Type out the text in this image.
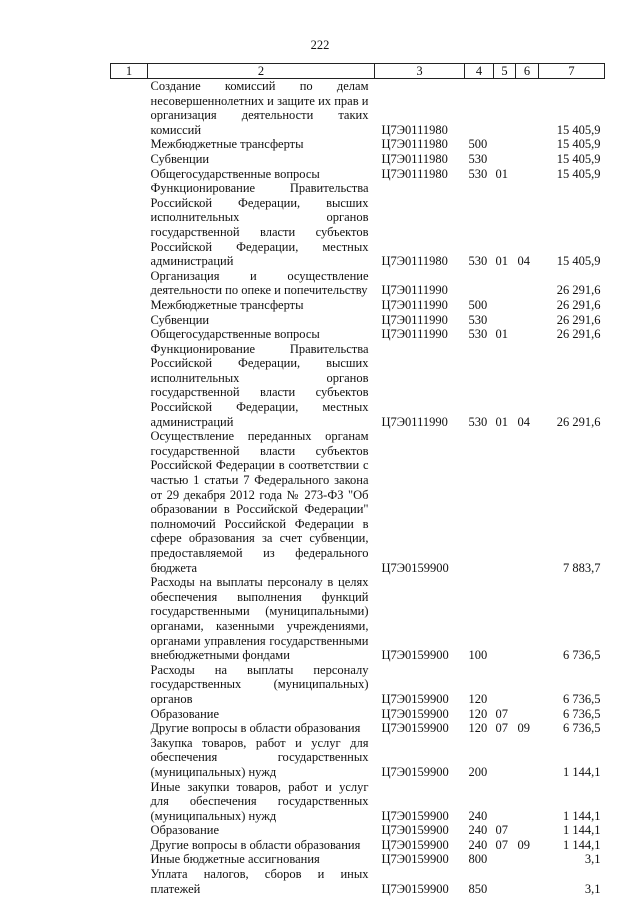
222
1	2	3	4	5	6	7
	Создание комиссий по делам несовершеннолетних и защите их прав и организация деятельности таких комиссий	Ц7Э0111980				15 405,9
	Межбюджетные трансферты	Ц7Э0111980	500			15 405,9
	Субвенции	Ц7Э0111980	530			15 405,9
	Общегосударственные вопросы	Ц7Э0111980	530	01		15 405,9
	Функционирование Правительства Российской Федерации, высших исполнительных органов государственной власти субъектов Российской Федерации, местных администраций	Ц7Э0111980	530	01	04	15 405,9
	Организация и осуществление деятельности по опеке и попечительству	Ц7Э0111990				26 291,6
	Межбюджетные трансферты	Ц7Э0111990	500			26 291,6
	Субвенции	Ц7Э0111990	530			26 291,6
	Общегосударственные вопросы	Ц7Э0111990	530	01		26 291,6
	Функционирование Правительства Российской Федерации, высших исполнительных органов государственной власти субъектов Российской Федерации, местных администраций	Ц7Э0111990	530	01	04	26 291,6
	Осуществление переданных органам государственной власти субъектов Российской Федерации в соответствии с частью 1 статьи 7 Федерального закона от 29 декабря 2012 года № 273-ФЗ "Об образовании в Российской Федерации" полномочий Российской Федерации в сфере образования за счет субвенции, предоставляемой из федерального бюджета	Ц7Э0159900				7 883,7
	Расходы на выплаты персоналу в целях обеспечения выполнения функций государственными (муниципальными) органами, казенными учреждениями, органами управления государственными внебюджетными фондами	Ц7Э0159900	100			6 736,5
	Расходы на выплаты персоналу государственных (муниципальных) органов	Ц7Э0159900	120			6 736,5
	Образование	Ц7Э0159900	120	07		6 736,5
	Другие вопросы в области образования	Ц7Э0159900	120	07	09	6 736,5
	Закупка товаров, работ и услуг для обеспечения государственных (муниципальных) нужд	Ц7Э0159900	200			1 144,1
	Иные закупки товаров, работ и услуг для обеспечения государственных (муниципальных) нужд	Ц7Э0159900	240			1 144,1
	Образование	Ц7Э0159900	240	07		1 144,1
	Другие вопросы в области образования	Ц7Э0159900	240	07	09	1 144,1
	Иные бюджетные ассигнования	Ц7Э0159900	800			3,1
	Уплата налогов, сборов и иных платежей	Ц7Э0159900	850			3,1
